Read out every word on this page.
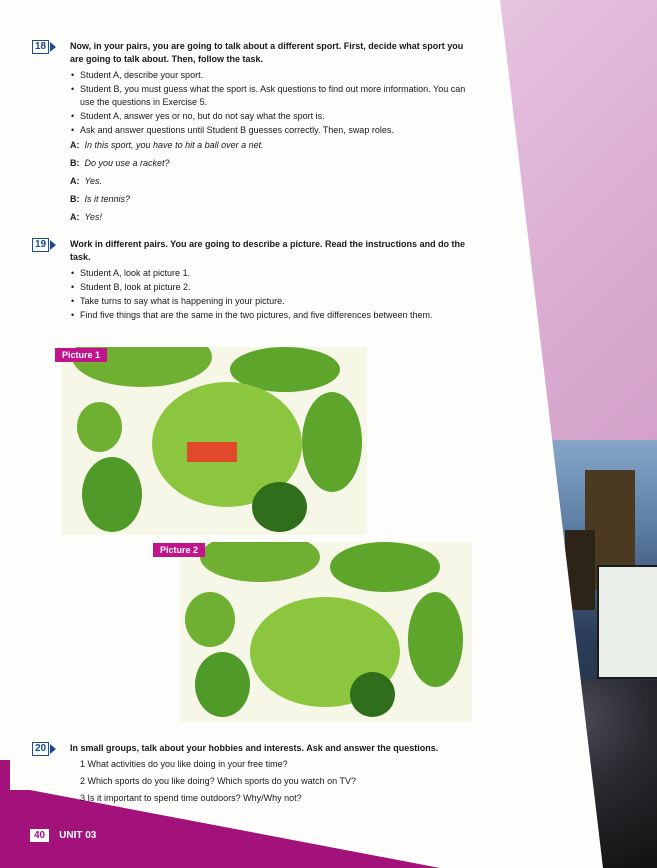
18	Now, in your pairs, you are going to talk about a different sport. First, decide what sport you are going to talk about. Then, follow the task.
• Student A, describe your sport.
• Student B, you must guess what the sport is. Ask questions to find out more information. You can use the questions in Exercise 5.
• Student A, answer yes or no, but do not say what the sport is.
• Ask and answer questions until Student B guesses correctly. Then, swap roles.
A: In this sport, you have to hit a ball over a net.
B: Do you use a racket?
A: Yes.
B: Is it tennis?
A: Yes!
19	Work in different pairs. You are going to describe a picture. Read the instructions and do the task.
• Student A, look at picture 1.
• Student B, look at picture 2.
• Take turns to say what is happening in your picture.
• Find five things that are the same in the two pictures, and five differences between them.
Picture 1
Picture 2
20	In small groups, talk about your hobbies and interests. Ask and answer the questions.
1 What activities do you like doing in your free time?
2 Which sports do you like doing? Which sports do you watch on TV?
3 Is it important to spend time outdoors? Why/Why not?
40	UNIT 03
